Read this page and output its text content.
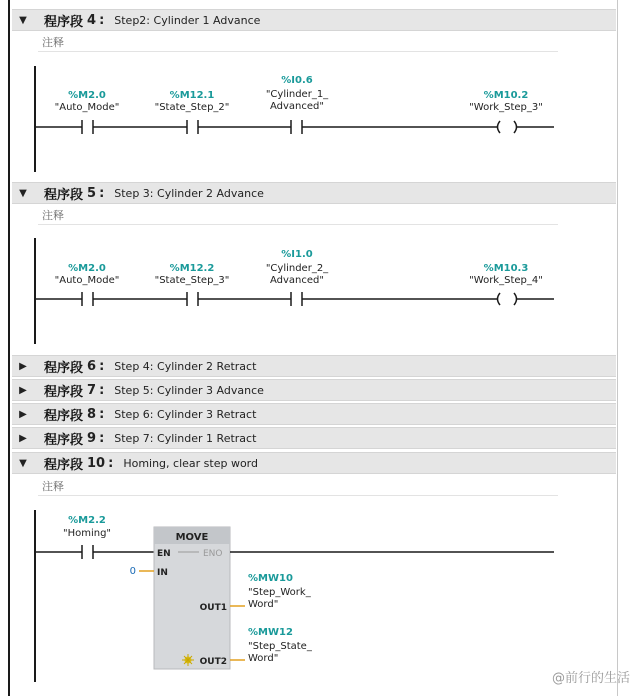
▼	程序段 4 : Step2: Cylinder 1 Advance
注释
%M2.0
"Auto_Mode"
%M12.1
"State_Step_2"
%I0.6
"Cylinder_1_
Advanced"
%M10.2
"Work_Step_3"
%M2.0
"Auto_Mode"
%M12.2
"State_Step_3"
%I1.0
"Cylinder_2_
Advanced"
%M10.3
"Work_Step_4"
%M2.2
"Homing"	MOVE
EN	ENO
IN
OUT1
OUT2
0
%MW10
"Step_Work_
Word"
%MW12
"Step_State_
Word"
▼	程序段 5 : Step 3: Cylinder 2 Advance
注释
▶	程序段 6 : Step 4: Cylinder 2 Retract
▶	程序段 7 : Step 5: Cylinder 3 Advance
▶	程序段 8 : Step 6: Cylinder 3 Retract
▶	程序段 9 : Step 7: Cylinder 1 Retract
▼	程序段 10 : Homing, clear step word
注释
@前行的生活
